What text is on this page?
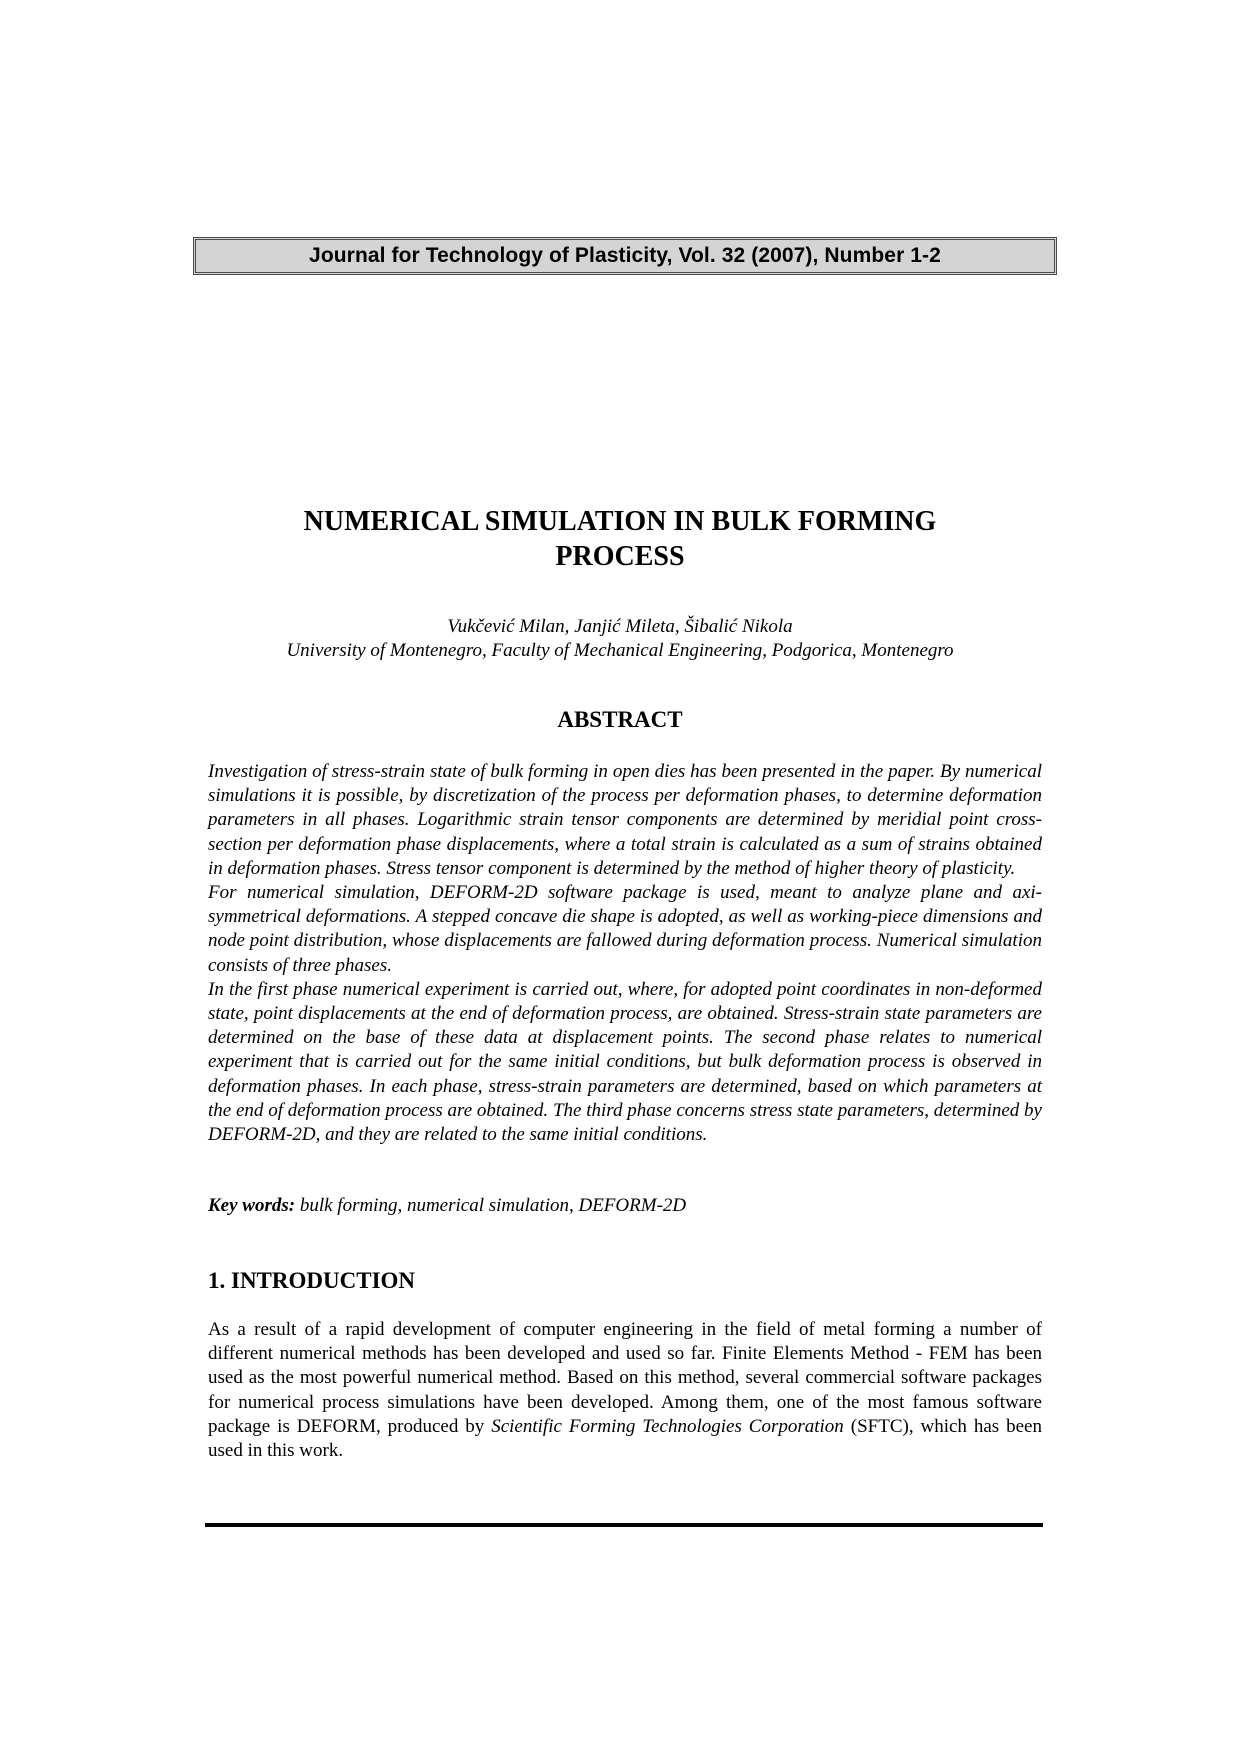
Journal for Technology of Plasticity, Vol. 32 (2007), Number 1-2
NUMERICAL SIMULATION IN BULK FORMING
PROCESS
Vukčević Milan, Janjić Mileta, Šibalić Nikola
University of Montenegro, Faculty of Mechanical Engineering, Podgorica, Montenegro
ABSTRACT

Investigation of stress-strain state of bulk forming in open dies has been presented in the paper. By numerical simulations it is possible, by discretization of the process per deformation phases, to determine deformation parameters in all phases. Logarithmic strain tensor components are determined by meridial point cross-section per deformation phase displacements, where a total strain is calculated as a sum of strains obtained in deformation phases. Stress tensor component is determined by the method of higher theory of plasticity.

For numerical simulation, DEFORM-2D software package is used, meant to analyze plane and axi-symmetrical deformations. A stepped concave die shape is adopted, as well as working-piece dimensions and node point distribution, whose displacements are fallowed during deformation process. Numerical simulation consists of three phases.

In the first phase numerical experiment is carried out, where, for adopted point coordinates in non-deformed state, point displacements at the end of deformation process, are obtained. Stress-strain state parameters are determined on the base of these data at displacement points. The second phase relates to numerical experiment that is carried out for the same initial conditions, but bulk deformation process is observed in deformation phases. In each phase, stress-strain parameters are determined, based on which parameters at the end of deformation process are obtained. The third phase concerns stress state parameters, determined by DEFORM-2D, and they are related to the same initial conditions.

Key words: bulk forming, numerical simulation, DEFORM-2D
1. INTRODUCTION

As a result of a rapid development of computer engineering in the field of metal forming a number of different numerical methods has been developed and used so far. Finite Elements Method - FEM has been used as the most powerful numerical method. Based on this method, several commercial software packages for numerical process simulations have been developed. Among them, one of the most famous software package is DEFORM, produced by Scientific Forming Technologies Corporation (SFTC), which has been used in this work.
